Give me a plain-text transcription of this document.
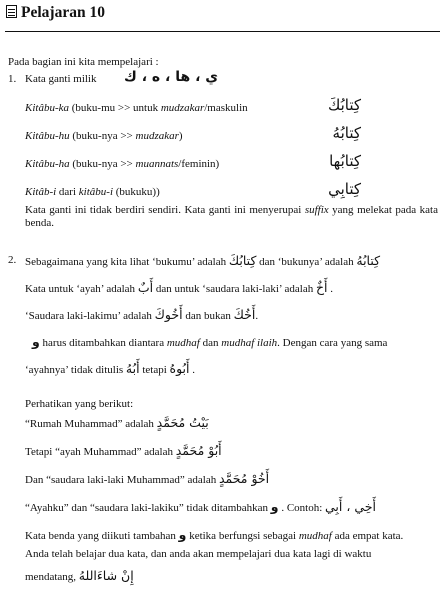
Pelajaran 10
Pada bagian ini kita mempelajari :
1. Kata ganti milik ي ، ها ، ه ، ك
Kitâbu-ka (buku-mu >> untuk mudzakar/maskulin	كِتابُكَ
Kitâbu-hu (buku-nya >> mudzakar)	كِتابُهُ
Kitâbu-ha (buku-nya >> muannats/feminin)	كِتابُها
Kitâb-i dari kitâbu-i (bukuku))	كِتابِي
Kata ganti ini tidak berdiri sendiri. Kata ganti ini menyerupai suffix yang melekat pada kata benda.
2. Sebagaimana yang kita lihat ‘bukumu’ adalah كِتابُكَ dan ‘bukunya’ adalah كِتابُهُ
Kata untuk ‘ayah’ adalah أَبٌ dan untuk ‘saudara laki-laki’ adalah أَخٌ .
‘Saudara laki-lakimu’ adalah أَخُوكَ dan bukan أَخُكَ.
و harus ditambahkan diantara mudhaf dan mudhaf ilaih. Dengan cara yang sama
‘ayahnya’ tidak ditulis أَبُهُ tetapi أَبُوهُ .
Perhatikan yang berikut:
“Rumah Muhammad” adalah بَيْتُ مُحَمَّدٍ
Tetapi “ayah Muhammad” adalah أَبُوْ مُحَمَّدٍ
Dan “saudara laki-laki Muhammad” adalah أَخُوْ مُحَمَّدٍ
“Ayahku” dan “saudara laki-lakiku” tidak ditambahkan و . Contoh: أَخِي ، أَبِي
Kata benda yang diikuti tambahan و ketika berfungsi sebagai mudhaf ada empat kata.
Anda telah belajar dua kata, dan anda akan mempelajari dua kata lagi di waktu
mendatang, إِنْ شاءَاللهُ
